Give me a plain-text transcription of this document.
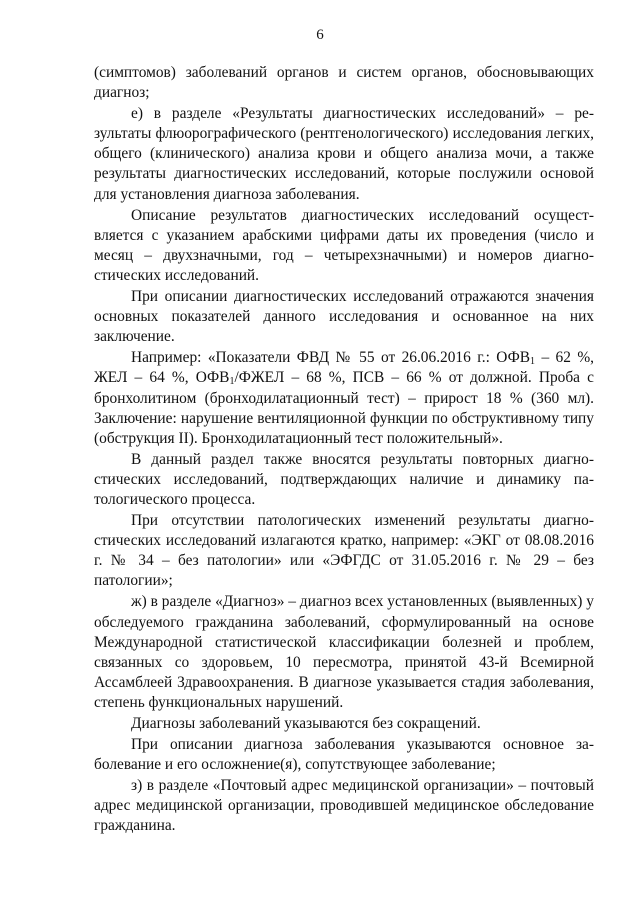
6

(симптомов) заболеваний органов и систем органов, обосновывающих диагноз;

е) в разделе «Результаты диагностических исследований» – результаты флюорографического (рентгенологического) исследования легких, общего (клинического) анализа крови и общего анализа мочи, а также результаты диагностических исследований, которые послужили основой для установления диагноза заболевания.

Описание результатов диагностических исследований осуществляется с указанием арабскими цифрами даты их проведения (число и месяц – двухзначными, год – четырехзначными) и номеров диагностических исследований.

При описании диагностических исследований отражаются значения основных показателей данного исследования и основанное на них заключение.

Например: «Показатели ФВД № 55 от 26.06.2016 г.: $ОФВ_1 - 62$ %, ЖЕЛ – 64 %, $ОФВ_1$/ФЖЕЛ – 68 %, ПСВ – 66 % от должной. Проба с бронхолитином (бронходилатационный тест) – прирост 18 % (360 мл). Заключение: нарушение вентиляционной функции по обструктивному типу (обструкция II). Бронходилатационный тест положительный».

В данный раздел также вносятся результаты повторных диагностических исследований, подтверждающих наличие и динамику патологического процесса.

При отсутствии патологических изменений результаты диагностических исследований излагаются кратко, например: «ЭКГ от 08.08.2016 г. № 34 – без патологии» или «ЭФГДС от 31.05.2016 г. № 29 – без патологии»;

ж) в разделе «Диагноз» – диагноз всех установленных (выявленных) у обследуемого гражданина заболеваний, сформулированный на основе Международной статистической классификации болезней и проблем, связанных со здоровьем, 10 пересмотра, принятой 43-й Всемирной Ассамблеей Здравоохранения. В диагнозе указывается стадия заболевания, степень функциональных нарушений.

Диагнозы заболеваний указываются без сокращений.

При описании диагноза заболевания указываются основное заболевание и его осложнение(я), сопутствующее заболевание;

з) в разделе «Почтовый адрес медицинской организации» – почтовый адрес медицинской организации, проводившей медицинское обследование гражданина.
